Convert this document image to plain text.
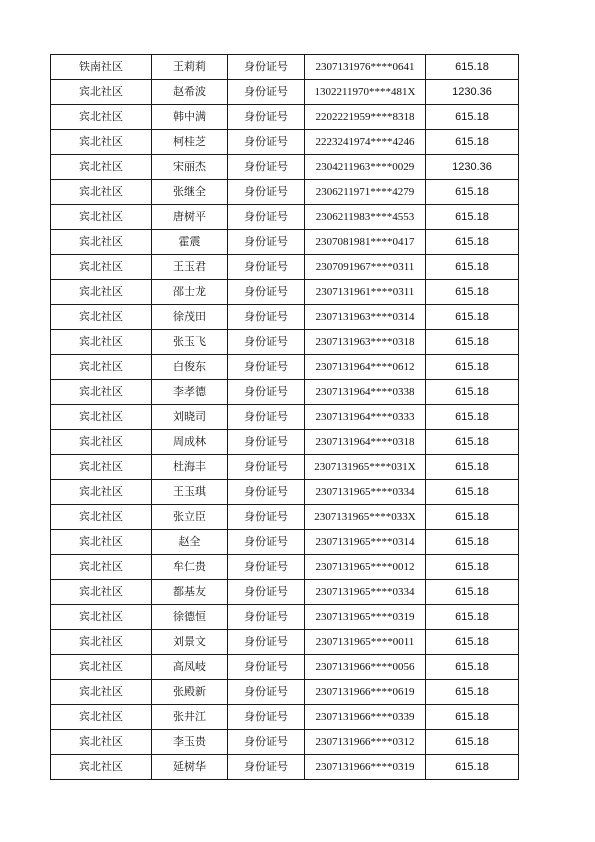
铁南社区	王莉莉	身份证号	2307131976****0641	615.18
宾北社区	赵希波	身份证号	1302211970****481X	1230.36
宾北社区	韩中满	身份证号	2202221959****8318	615.18
宾北社区	柯桂芝	身份证号	2223241974****4246	615.18
宾北社区	宋丽杰	身份证号	2304211963****0029	1230.36
宾北社区	张继全	身份证号	2306211971****4279	615.18
宾北社区	唐树平	身份证号	2306211983****4553	615.18
宾北社区	霍震	身份证号	2307081981****0417	615.18
宾北社区	王玉君	身份证号	2307091967****0311	615.18
宾北社区	邵士龙	身份证号	2307131961****0311	615.18
宾北社区	徐茂田	身份证号	2307131963****0314	615.18
宾北社区	张玉飞	身份证号	2307131963****0318	615.18
宾北社区	白俊东	身份证号	2307131964****0612	615.18
宾北社区	李孝德	身份证号	2307131964****0338	615.18
宾北社区	刘晓司	身份证号	2307131964****0333	615.18
宾北社区	周成林	身份证号	2307131964****0318	615.18
宾北社区	杜海丰	身份证号	2307131965****031X	615.18
宾北社区	王玉琪	身份证号	2307131965****0334	615.18
宾北社区	张立臣	身份证号	2307131965****033X	615.18
宾北社区	赵全	身份证号	2307131965****0314	615.18
宾北社区	牟仁贵	身份证号	2307131965****0012	615.18
宾北社区	都基友	身份证号	2307131965****0334	615.18
宾北社区	徐德恒	身份证号	2307131965****0319	615.18
宾北社区	刘景文	身份证号	2307131965****0011	615.18
宾北社区	高凤岐	身份证号	2307131966****0056	615.18
宾北社区	张殿新	身份证号	2307131966****0619	615.18
宾北社区	张井江	身份证号	2307131966****0339	615.18
宾北社区	李玉贵	身份证号	2307131966****0312	615.18
宾北社区	延树华	身份证号	2307131966****0319	615.18
